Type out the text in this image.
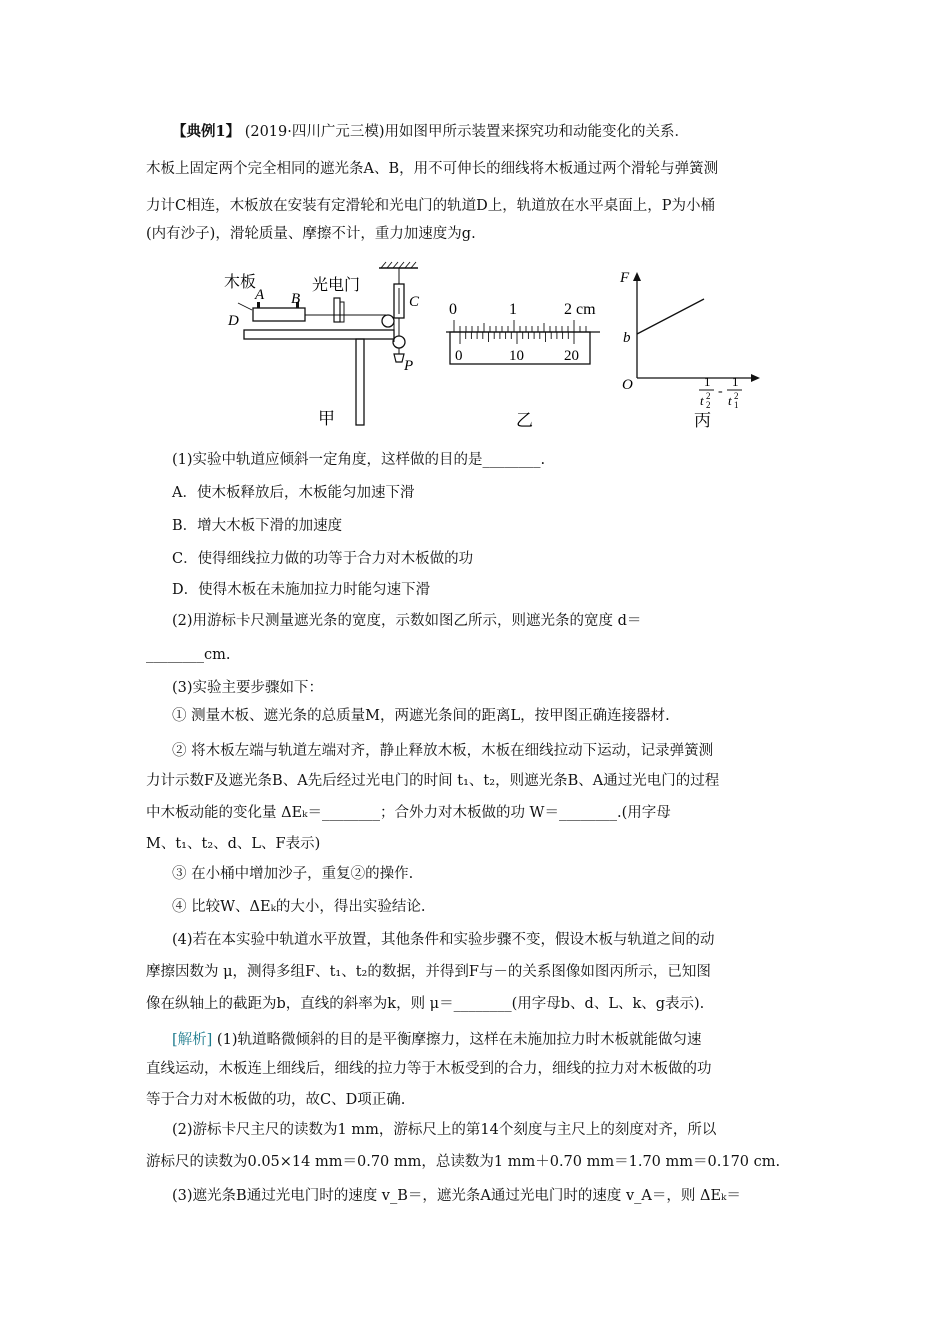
【典例1】 (2019·四川广元三模)用如图甲所示装置来探究功和动能变化的关系．
木板上固定两个完全相同的遮光条A、B，用不可伸长的细线将木板通过两个滑轮与弹簧测
力计C相连，木板放在安装有定滑轮和光电门的轨道D上，轨道放在水平桌面上，P为小桶
(内有沙子)，滑轮质量、摩擦不计，重力加速度为g.
木板
A B
D
光电门
C
P
0	1	2 cm
0	10	20
F
b
O	1
t 2
2
-
1
t 2
1
甲	乙	丙
(1)实验中轨道应倾斜一定角度，这样做的目的是________.
A．使木板释放后，木板能匀加速下滑
B．增大木板下滑的加速度
C．使得细线拉力做的功等于合力对木板做的功
D．使得木板在未施加拉力时能匀速下滑
(2)用游标卡尺测量遮光条的宽度，示数如图乙所示，则遮光条的宽度 d＝
________cm.
(3)实验主要步骤如下：
① 测量木板、遮光条的总质量M，两遮光条间的距离L，按甲图正确连接器材.
② 将木板左端与轨道左端对齐，静止释放木板，木板在细线拉动下运动，记录弹簧测
力计示数F及遮光条B、A先后经过光电门的时间 t₁、t₂，则遮光条B、A通过光电门的过程
中木板动能的变化量 ΔEₖ＝________；合外力对木板做的功 W＝________.(用字母
M、t₁、t₂、d、L、F表示)
③ 在小桶中增加沙子，重复②的操作.
④ 比较W、ΔEₖ的大小，得出实验结论.
(4)若在本实验中轨道水平放置，其他条件和实验步骤不变，假设木板与轨道之间的动
摩擦因数为 μ，测得多组F、t₁、t₂的数据，并得到F与－的关系图像如图丙所示，已知图
像在纵轴上的截距为b，直线的斜率为k，则 μ＝________(用字母b、d、L、k、g表示).
[解析] (1)轨道略微倾斜的目的是平衡摩擦力，这样在未施加拉力时木板就能做匀速
直线运动，木板连上细线后，细线的拉力等于木板受到的合力，细线的拉力对木板做的功
等于合力对木板做的功，故C、D项正确.
(2)游标卡尺主尺的读数为1 mm，游标尺上的第14个刻度与主尺上的刻度对齐，所以
游标尺的读数为0.05×14 mm＝0.70 mm，总读数为1 mm＋0.70 mm＝1.70 mm＝0.170 cm.
(3)遮光条B通过光电门时的速度 v_B＝，遮光条A通过光电门时的速度 v_A＝，则 ΔEₖ＝
